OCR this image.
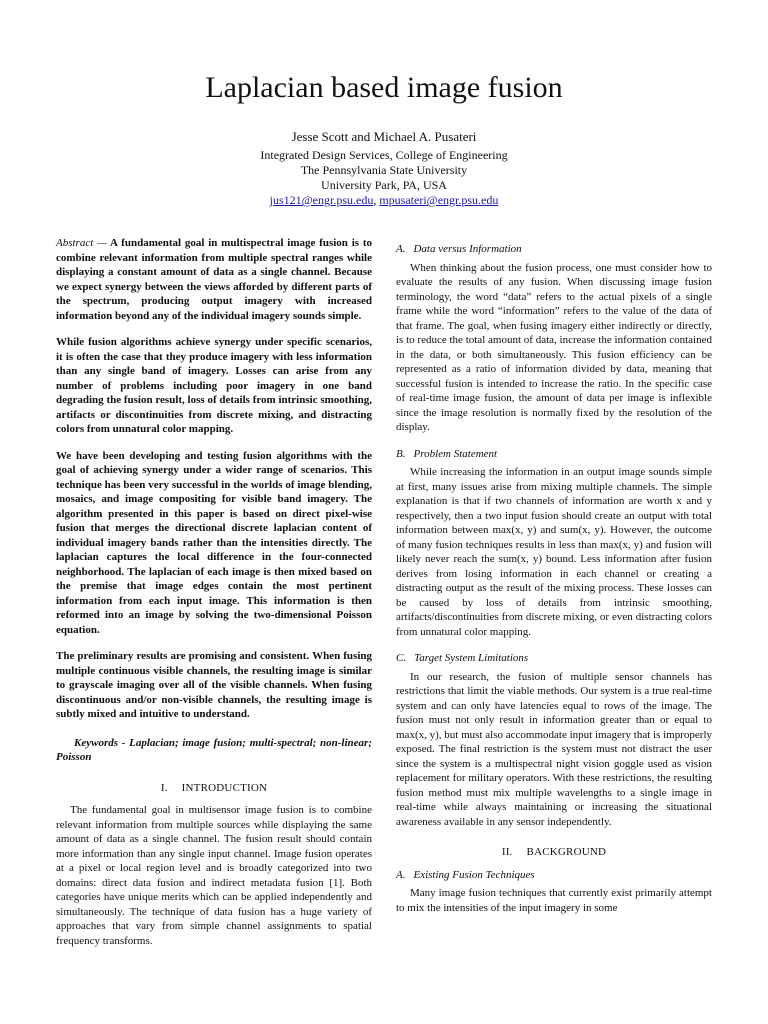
Laplacian based image fusion
Jesse Scott and Michael A. Pusateri
Integrated Design Services, College of Engineering
The Pennsylvania State University
University Park, PA, USA
jus121@engr.psu.edu, mpusateri@engr.psu.edu

Abstract — A fundamental goal in multispectral image fusion is to combine relevant information from multiple spectral ranges while displaying a constant amount of data as a single channel. Because we expect synergy between the views afforded by different parts of the spectrum, producing output imagery with increased information beyond any of the individual imagery sounds simple.

While fusion algorithms achieve synergy under specific scenarios, it is often the case that they produce imagery with less information than any single band of imagery. Losses can arise from any number of problems including poor imagery in one band degrading the fusion result, loss of details from intrinsic smoothing, artifacts or discontinuities from discrete mixing, and distracting colors from unnatural color mapping.

We have been developing and testing fusion algorithms with the goal of achieving synergy under a wider range of scenarios. This technique has been very successful in the worlds of image blending, mosaics, and image compositing for visible band imagery. The algorithm presented in this paper is based on direct pixel-wise fusion that merges the directional discrete laplacian content of individual imagery bands rather than the intensities directly. The laplacian captures the local difference in the four-connected neighborhood. The laplacian of each image is then mixed based on the premise that image edges contain the most pertinent information from each input image. This information is then reformed into an image by solving the two-dimensional Poisson equation.

The preliminary results are promising and consistent. When fusing multiple continuous visible channels, the resulting image is similar to grayscale imaging over all of the visible channels. When fusing discontinuous and/or non-visible channels, the resulting image is subtly mixed and intuitive to understand.

Keywords - Laplacian; image fusion; multi-spectral; non-linear; Poisson

I. INTRODUCTION

The fundamental goal in multisensor image fusion is to combine relevant information from multiple sources while displaying the same amount of data as a single channel. The fusion result should contain more information than any single input channel. Image fusion operates at a pixel or local region level and is broadly categorized into two domains: direct data fusion and indirect metadata fusion [1]. Both categories have unique merits which can be applied independently and simultaneously. The technique of data fusion has a huge variety of approaches that vary from simple channel assignments to spatial frequency transforms.

A. Data versus Information

When thinking about the fusion process, one must consider how to evaluate the results of any fusion. When discussing image fusion terminology, the word “data” refers to the actual pixels of a single frame while the word “information” refers to the value of the data of that frame. The goal, when fusing imagery either indirectly or directly, is to reduce the total amount of data, increase the information contained in the data, or both simultaneously. This fusion efficiency can be represented as a ratio of information divided by data, meaning that successful fusion is intended to increase the ratio. In the specific case of real-time image fusion, the amount of data per image is inflexible since the image resolution is normally fixed by the resolution of the display.

B. Problem Statement

While increasing the information in an output image sounds simple at first, many issues arise from mixing multiple channels. The simple explanation is that if two channels of information are worth x and y respectively, then a two input fusion should create an output with total information between max(x, y) and sum(x, y). However, the outcome of many fusion techniques results in less than max(x, y) and fusion will likely never reach the sum(x, y) bound. Less information after fusion derives from losing information in each channel or creating a distracting output as the result of the mixing process. These losses can be caused by loss of details from intrinsic smoothing, artifacts/discontinuities from discrete mixing, or even distracting colors from unnatural color mapping.

C. Target System Limitations

In our research, the fusion of multiple sensor channels has restrictions that limit the viable methods. Our system is a true real-time system and can only have latencies equal to rows of the image. The fusion must not only result in information greater than or equal to max(x, y), but must also accommodate input imagery that is improperly exposed. The final restriction is the system must not distract the user since the system is a multispectral night vision goggle used as vision replacement for military operators. With these restrictions, the resulting fusion method must mix multiple wavelengths to a single image in real-time while always maintaining or increasing the situational awareness available in any sensor independently.

II. BACKGROUND
A. Existing Fusion Techniques

Many image fusion techniques that currently exist primarily attempt to mix the intensities of the input imagery in some
